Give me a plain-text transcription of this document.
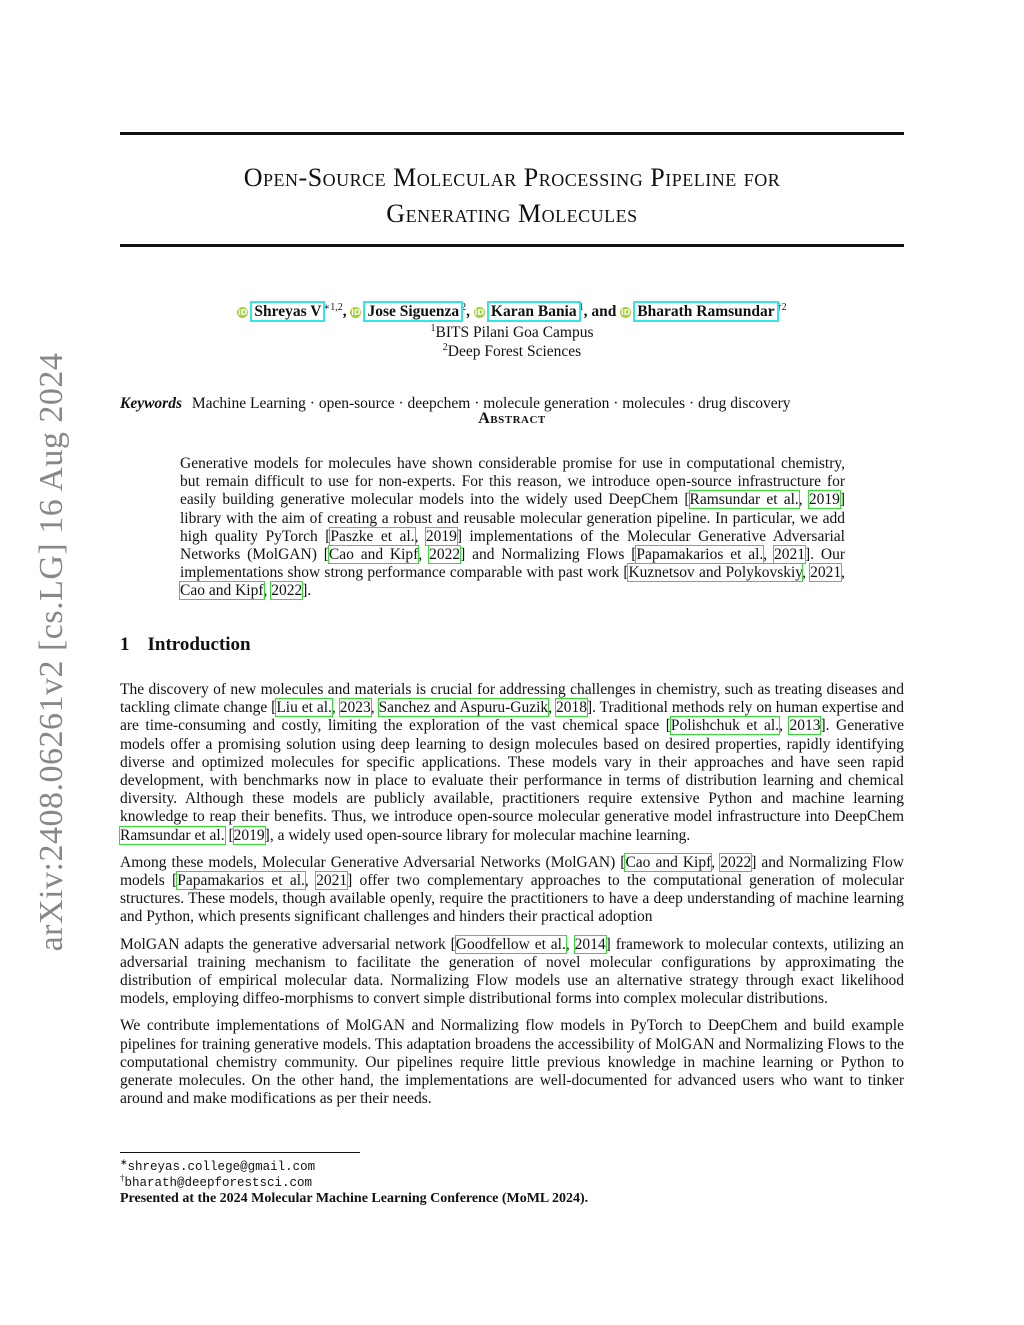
arXiv:2408.06261v2 [cs.LG] 16 Aug 2024
Open-Source Molecular Processing Pipeline for
Generating Molecules
iD Shreyas V $^{∗1,2}$, iD Jose Siguenza $^2$, iD Karan Bania $^1$, and iD Bharath Ramsundar $^{\dagger 2}$
$^1$BITS Pilani Goa Campus
$^2$Deep Forest Sciences
Keywords Machine Learning · open-source · deepchem · molecule generation · molecules · drug discovery
Abstract
Generative models for molecules have shown considerable promise for use in computational chemistry, but remain difficult to use for non-experts. For this reason, we introduce open-source infrastructure for easily building generative molecular models into the widely used DeepChem [Ramsundar et al., 2019] library with the aim of creating a robust and reusable molecular generation pipeline. In particular, we add high quality PyTorch [Paszke et al., 2019] implementations of the Molecular Generative Adversarial Networks (MolGAN) [Cao and Kipf, 2022] and Normalizing Flows [Papamakarios et al., 2021]. Our implementations show strong performance comparable with past work [Kuznetsov and Polykovskiy, 2021, Cao and Kipf, 2022].
1 Introduction

The discovery of new molecules and materials is crucial for addressing challenges in chemistry, such as treating diseases and tackling climate change [Liu et al., 2023, Sanchez and Aspuru-Guzik, 2018]. Traditional methods rely on human expertise and are time-consuming and costly, limiting the exploration of the vast chemical space [Polishchuk et al., 2013]. Generative models offer a promising solution using deep learning to design molecules based on desired properties, rapidly identifying diverse and optimized molecules for specific applications. These models vary in their approaches and have seen rapid development, with benchmarks now in place to evaluate their performance in terms of distribution learning and chemical diversity. Although these models are publicly available, practitioners require extensive Python and machine learning knowledge to reap their benefits. Thus, we introduce open-source molecular generative model infrastructure into DeepChem Ramsundar et al. [2019], a widely used open-source library for molecular machine learning.

Among these models, Molecular Generative Adversarial Networks (MolGAN) [Cao and Kipf, 2022] and Normalizing Flow models [Papamakarios et al., 2021] offer two complementary approaches to the computational generation of molecular structures. These models, though available openly, require the practitioners to have a deep understanding of machine learning and Python, which presents significant challenges and hinders their practical adoption

MolGAN adapts the generative adversarial network [Goodfellow et al., 2014] framework to molecular contexts, utilizing an adversarial training mechanism to facilitate the generation of novel molecular configurations by approximating the distribution of empirical molecular data. Normalizing Flow models use an alternative strategy through exact likelihood models, employing diffeo-morphisms to convert simple distributional forms into complex molecular distributions.

We contribute implementations of MolGAN and Normalizing flow models in PyTorch to DeepChem and build example pipelines for training generative models. This adaptation broadens the accessibility of MolGAN and Normalizing Flows to the computational chemistry community. Our pipelines require little previous knowledge in machine learning or Python to generate molecules. On the other hand, the implementations are well-documented for advanced users who want to tinker around and make modifications as per their needs.

∗shreyas.college@gmail.com
†bharath@deepforestsci.com
Presented at the 2024 Molecular Machine Learning Conference (MoML 2024).
